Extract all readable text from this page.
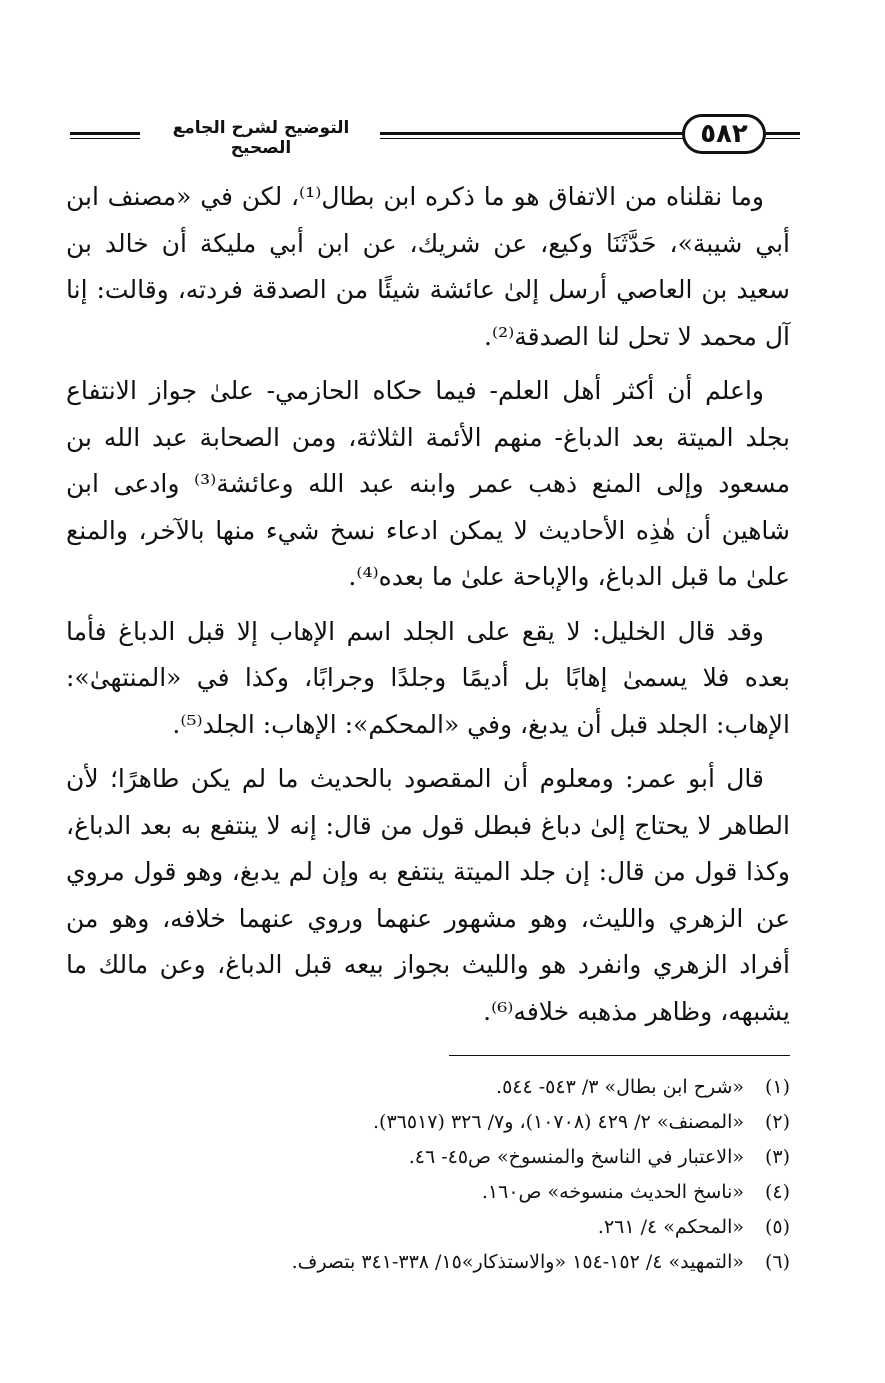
التوضيح لشرح الجامع الصحيح	٥٨٢

وما نقلناه من الاتفاق هو ما ذكره ابن بطال⁽¹⁾، لكن في «مصنف ابن أبي شيبة»، حَدَّثَنَا وكيع، عن شريك، عن ابن أبي مليكة أن خالد بن سعيد بن العاصي أرسل إلىٰ عائشة شيئًا من الصدقة فردته، وقالت: إنا آل محمد لا تحل لنا الصدقة⁽²⁾.

واعلم أن أكثر أهل العلم- فيما حكاه الحازمي- علىٰ جواز الانتفاع بجلد الميتة بعد الدباغ- منهم الأئمة الثلاثة، ومن الصحابة عبد الله بن مسعود وإلى المنع ذهب عمر وابنه عبد الله وعائشة⁽³⁾ وادعى ابن شاهين أن هٰذِه الأحاديث لا يمكن ادعاء نسخ شيء منها بالآخر، والمنع علىٰ ما قبل الدباغ، والإباحة علىٰ ما بعده⁽⁴⁾.

وقد قال الخليل: لا يقع على الجلد اسم الإهاب إلا قبل الدباغ فأما بعده فلا يسمىٰ إهابًا بل أديمًا وجلدًا وجرابًا، وكذا في «المنتهىٰ»: الإهاب: الجلد قبل أن يدبغ، وفي «المحكم»: الإهاب: الجلد⁽⁵⁾.

قال أبو عمر: ومعلوم أن المقصود بالحديث ما لم يكن طاهرًا؛ لأن الطاهر لا يحتاج إلىٰ دباغ فبطل قول من قال: إنه لا ينتفع به بعد الدباغ، وكذا قول من قال: إن جلد الميتة ينتفع به وإن لم يدبغ، وهو قول مروي عن الزهري والليث، وهو مشهور عنهما وروي عنهما خلافه، وهو من أفراد الزهري وانفرد هو والليث بجواز بيعه قبل الدباغ، وعن مالك ما يشبهه، وظاهر مذهبه خلافه⁽⁶⁾.

(١)
«شرح ابن بطال» ٣/ ٥٤٣- ٥٤٤.
(٢)
«المصنف» ٢/ ٤٢٩ (١٠٧٠٨)، و٧/ ٣٢٦ (٣٦٥١٧).
(٣)
«الاعتبار في الناسخ والمنسوخ» ص٤٥- ٤٦.
(٤)
«ناسخ الحديث منسوخه» ص١٦٠.
(٥)
«المحكم» ٤/ ٢٦١.
(٦)
«التمهيد» ٤/ ١٥٢-١٥٤ «والاستذكار»١٥/ ٣٣٨-٣٤١ بتصرف.
